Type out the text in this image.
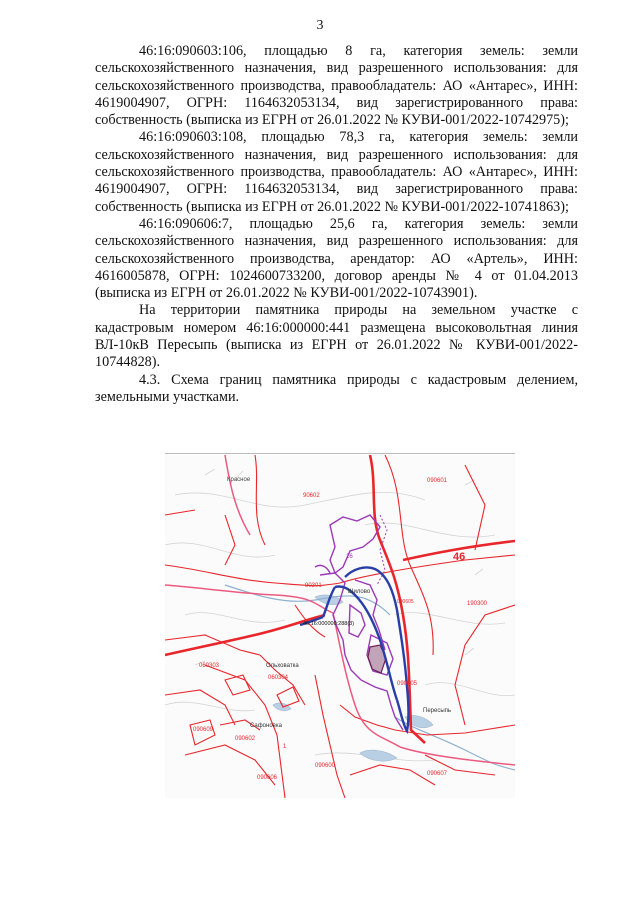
3

46:16:090603:106, площадью 8 га, категория земель: земли сельскохозяйственного назначения, вид разрешенного использования: для сельскохозяйственного производства, правообладатель: АО «Антарес», ИНН: 4619004907, ОГРН: 1164632053134, вид зарегистрированного права: собственность (выписка из ЕГРН от 26.01.2022 № КУВИ-001/2022-10742975);

46:16:090603:108, площадью 78,3 га, категория земель: земли сельскохозяйственного назначения, вид разрешенного использования: для сельскохозяйственного производства, правообладатель: АО «Антарес», ИНН: 4619004907, ОГРН: 1164632053134, вид зарегистрированного права: собственность (выписка из ЕГРН от 26.01.2022 № КУВИ-001/2022-10741863);

46:16:090606:7, площадью 25,6 га, категория земель: земли сельскохозяйственного назначения, вид разрешенного использования: для сельскохозяйственного производства, арендатор: АО «Артель», ИНН: 4616005878, ОГРН: 1024600733200, договор аренды № 4 от 01.04.2013 (выписка из ЕГРН от 26.01.2022 № КУВИ-001/2022-10743901).

На территории памятника природы на земельном участке с кадастровым номером 46:16:000000:441 размещена высоковольтная линия ВЛ-10кВ Пересыпь (выписка из ЕГРН от 26.01.2022 № КУВИ-001/2022-10744828).

4.3. Схема границ памятника природы с кадастровым делением, земельными участками.

Красное
90602
090601
46
16
90301
Шилово
46:16:000000:288(3)
090605	190300
Ольховатка
060304
060303
Пересыпь
090305
Сафоновка
090602
090600
090606
090607
090609
1
